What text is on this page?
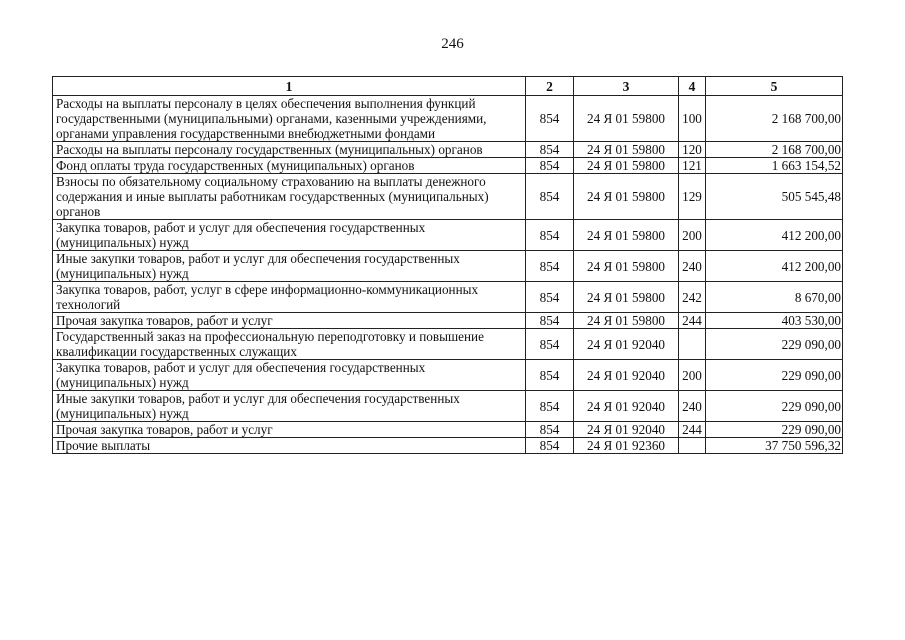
246
1	2	3	4	5
Расходы на выплаты персоналу в целях обеспечения выполнения функций государственными (муниципальными) органами, казенными учреждениями, органами управления государственными внебюджетными фондами	854	24 Я 01 59800	100	2 168 700,00
Расходы на выплаты персоналу государственных (муниципальных) органов	854	24 Я 01 59800	120	2 168 700,00
Фонд оплаты труда государственных (муниципальных) органов	854	24 Я 01 59800	121	1 663 154,52
Взносы по обязательному социальному страхованию на выплаты денежного содержания и иные выплаты работникам государственных (муниципальных) органов	854	24 Я 01 59800	129	505 545,48
Закупка товаров, работ и услуг для обеспечения государственных (муниципальных) нужд	854	24 Я 01 59800	200	412 200,00
Иные закупки товаров, работ и услуг для обеспечения государственных (муниципальных) нужд	854	24 Я 01 59800	240	412 200,00
Закупка товаров, работ, услуг в сфере информационно-коммуникационных технологий	854	24 Я 01 59800	242	8 670,00
Прочая закупка товаров, работ и услуг	854	24 Я 01 59800	244	403 530,00
Государственный заказ на профессиональную переподготовку и повышение квалификации государственных служащих	854	24 Я 01 92040		229 090,00
Закупка товаров, работ и услуг для обеспечения государственных (муниципальных) нужд	854	24 Я 01 92040	200	229 090,00
Иные закупки товаров, работ и услуг для обеспечения государственных (муниципальных) нужд	854	24 Я 01 92040	240	229 090,00
Прочая закупка товаров, работ и услуг	854	24 Я 01 92040	244	229 090,00
Прочие выплаты	854	24 Я 01 92360		37 750 596,32
